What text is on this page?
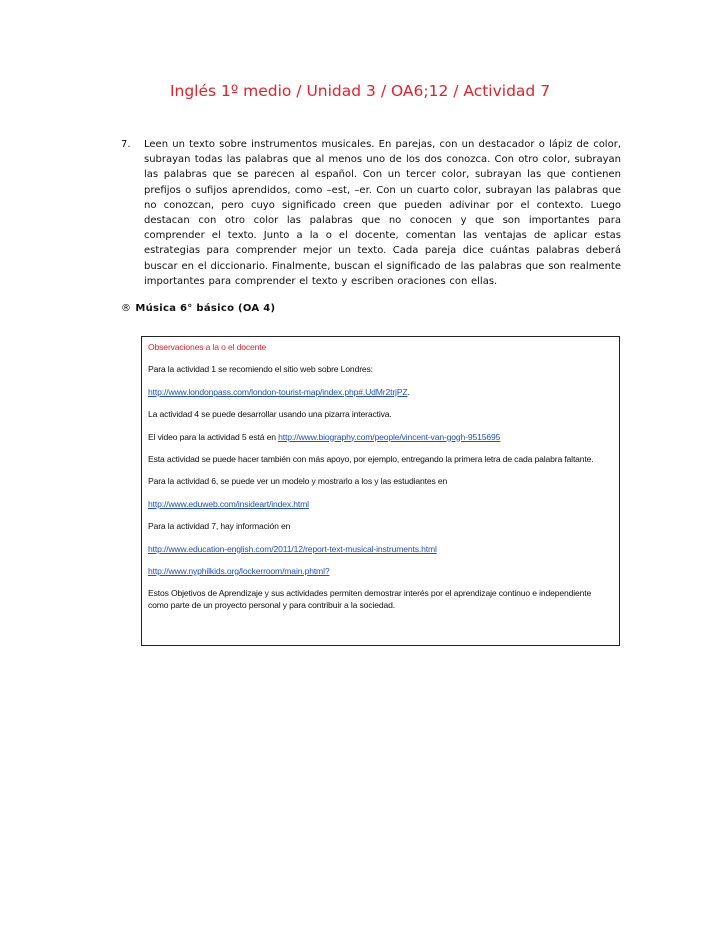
Inglés 1º medio / Unidad 3 / OA6;12 / Actividad 7
7.	Leen un texto sobre instrumentos musicales. En parejas, con un destacador o lápiz de color, subrayan todas las palabras que al menos uno de los dos conozca. Con otro color, subrayan las palabras que se parecen al español. Con un tercer color, subrayan las que contienen prefijos o sufijos aprendidos, como –est, –er. Con un cuarto color, subrayan las palabras que no conozcan, pero cuyo significado creen que pueden adivinar por el contexto. Luego destacan con otro color las palabras que no conocen y que son importantes para comprender el texto. Junto a la o el docente, comentan las ventajas de aplicar estas estrategias para comprender mejor un texto. Cada pareja dice cuántas palabras deberá buscar en el diccionario. Finalmente, buscan el significado de las palabras que son realmente importantes para comprender el texto y escriben oraciones con ellas.
® Música 6° básico (OA 4)

Observaciones a la o el docente

Para la actividad 1 se recomiendo el sitio web sobre Londres:

http://www.londonpass.com/london-tourist-map/index.php#.UdMr2trjPZ.

La actividad 4 se puede desarrollar usando una pizarra interactiva.

El video para la actividad 5 está en http://www.biography.com/people/vincent-van-gogh-9515695

Esta actividad se puede hacer también con más apoyo, por ejemplo, entregando la primera letra de cada palabra faltante.

Para la actividad 6, se puede ver un modelo y mostrarlo a los y las estudiantes en

http://www.eduweb.com/insideart/index.html

Para la actividad 7, hay información en

http://www.education-english.com/2011/12/report-text-musical-instruments.html

http://www.nyphilkids.org/lockerroom/main.phtml?

Estos Objetivos de Aprendizaje y sus actividades permiten demostrar interés por el aprendizaje continuo e independiente como parte de un proyecto personal y para contribuir a la sociedad.
